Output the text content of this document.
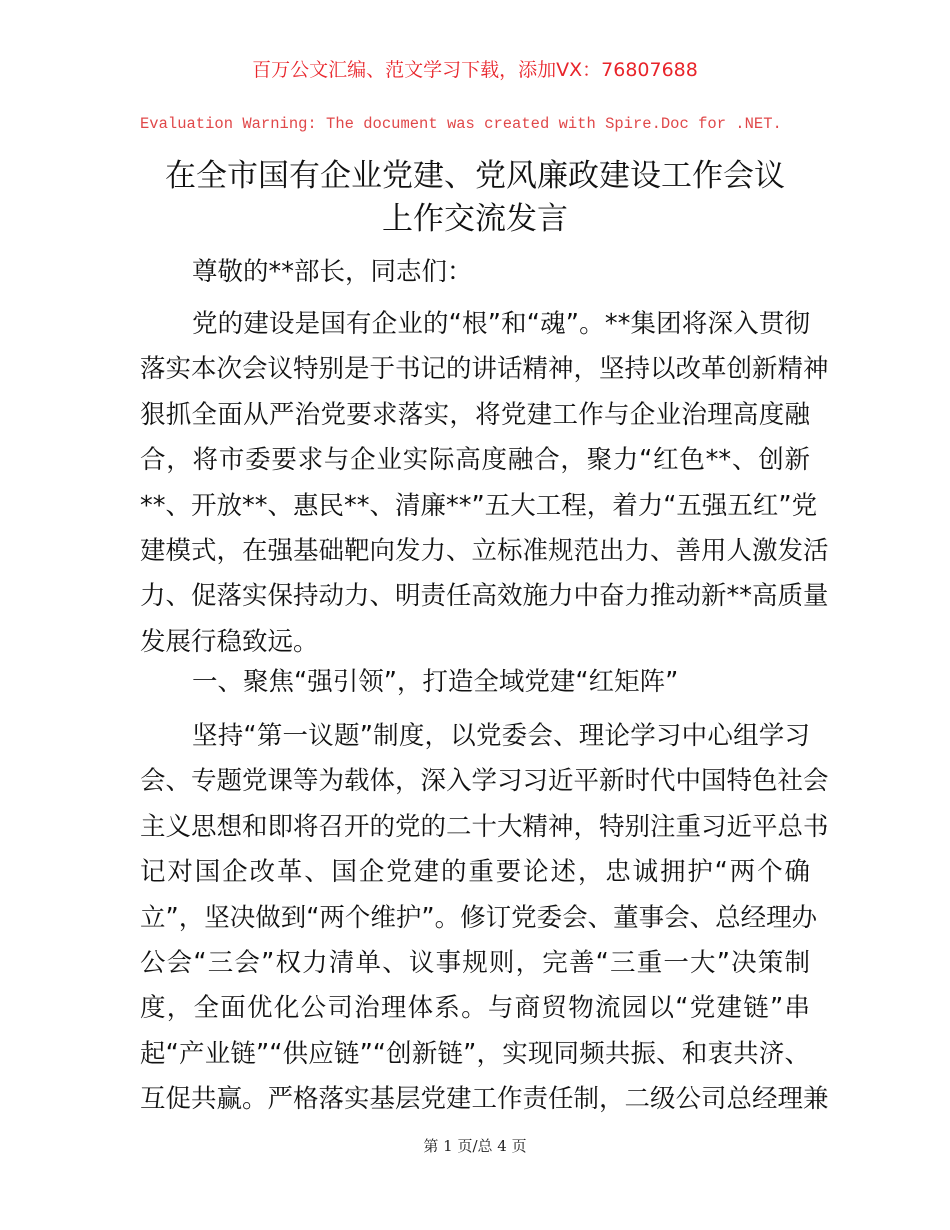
百万公文汇编、范文学习下载，添加VX：76807688
Evaluation Warning: The document was created with Spire.Doc for .NET.
在全市国有企业党建、党风廉政建设工作会议
上作交流发言
尊敬的**部长，同志们：
党的建设是国有企业的“根”和“魂”。**集团将深入贯彻
落实本次会议特别是于书记的讲话精神，坚持以改革创新精神
狠抓全面从严治党要求落实，将党建工作与企业治理高度融
合，将市委要求与企业实际高度融合，聚力“红色**、创新
**、开放**、惠民**、清廉**”五大工程，着力“五强五红”党
建模式，在强基础靶向发力、立标准规范出力、善用人激发活
力、促落实保持动力、明责任高效施力中奋力推动新**高质量
发展行稳致远。
一、聚焦“强引领”，打造全域党建“红矩阵”
坚持“第一议题”制度，以党委会、理论学习中心组学习
会、专题党课等为载体，深入学习习近平新时代中国特色社会
主义思想和即将召开的党的二十大精神，特别注重习近平总书
记对国企改革、国企党建的重要论述，忠诚拥护“两个确
立”，坚决做到“两个维护”。修订党委会、董事会、总经理办
公会“三会”权力清单、议事规则，完善“三重一大”决策制
度，全面优化公司治理体系。与商贸物流园以“党建链”串
起“产业链”“供应链”“创新链”，实现同频共振、和衷共济、
互促共赢。严格落实基层党建工作责任制，二级公司总经理兼
第 1 页/总 4 页
